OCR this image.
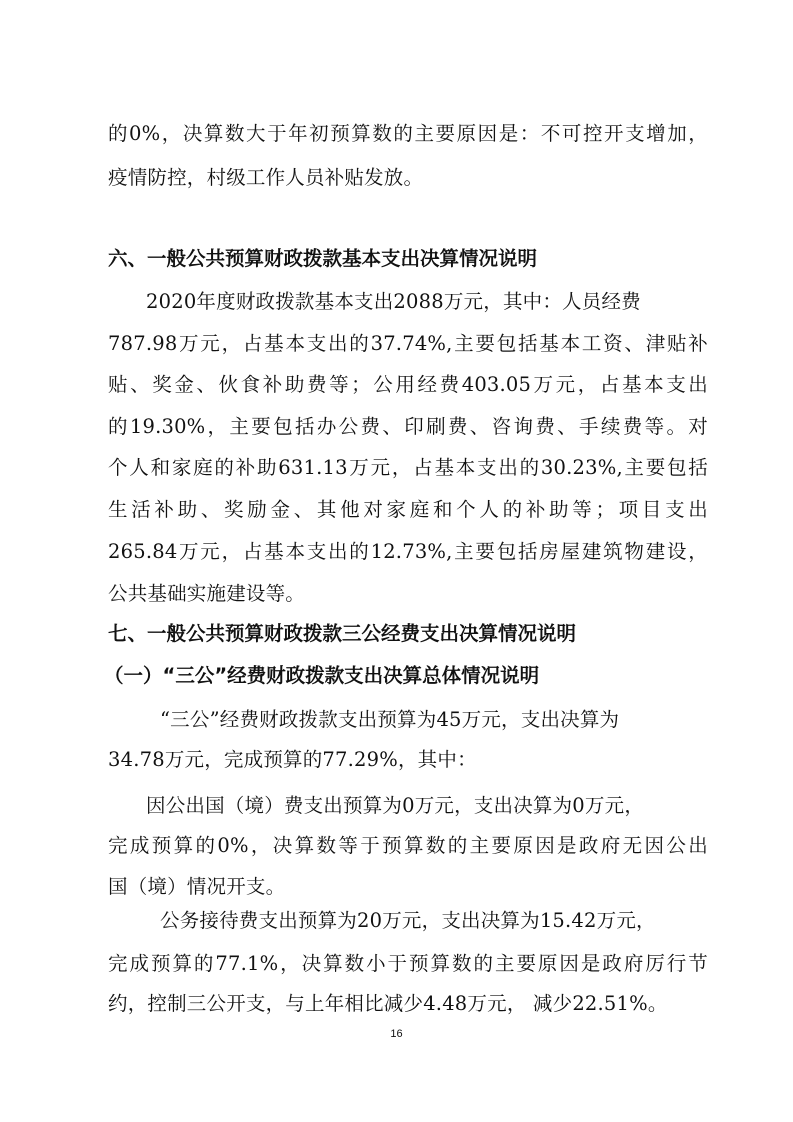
的0%，决算数大于年初预算数的主要原因是：不可控开支增加，
疫情防控，村级工作人员补贴发放。
六、一般公共预算财政拨款基本支出决算情况说明
2020年度财政拨款基本支出2088万元，其中：人员经费
787.98万元，占基本支出的37.74%,主要包括基本工资、津贴补
贴、奖金、伙食补助费等；公用经费403.05万元，占基本支出
的19.30%，主要包括办公费、印刷费、咨询费、手续费等。对
个人和家庭的补助631.13万元，占基本支出的30.23%,主要包括
生活补助、奖励金、其他对家庭和个人的补助等；项目支出
265.84万元，占基本支出的12.73%,主要包括房屋建筑物建设，
公共基础实施建设等。
七、一般公共预算财政拨款三公经费支出决算情况说明
（一）“三公”经费财政拨款支出决算总体情况说明
“三公”经费财政拨款支出预算为45万元，支出决算为
34.78万元，完成预算的77.29%，其中：
因公出国（境）费支出预算为0万元，支出决算为0万元，
完成预算的0%，决算数等于预算数的主要原因是政府无因公出
国（境）情况开支。
公务接待费支出预算为20万元，支出决算为15.42万元，
完成预算的77.1%，决算数小于预算数的主要原因是政府厉行节
约，控制三公开支，与上年相比减少4.48万元， 减少22.51%。
16
